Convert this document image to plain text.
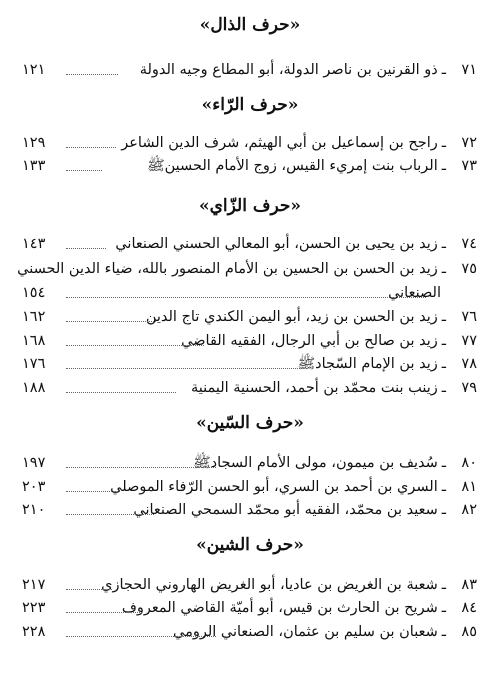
«حرف الذال»
٧١ـذو القرنين بن ناصر الدولة، أبو المطاع وجيه الدولة
١٢١
«حرف الرّاء»
٧٢ـراجح بن إسماعيل بن أبي الهيثم، شرف الدين الشاعر
١٢٩
٧٣ـالرباب بنت إمريء القيس، زوج الأمام الحسينﷺ
١٣٣
«حرف الزّاي»
٧٤ـزيد بن يحيى بن الحسن، أبو المعالي الحسني الصنعاني
١٤٣
٧٥ـزيد بن الحسن بن الحسين بن الأمام المنصور بالله، ضياء الدين الحسني
الصنعاني
١٥٤
٧٦ـزيد بن الحسن بن زيد، أبو اليمن الكندي تاج الدين
١٦٢
٧٧ـزيد بن صالح بن أبي الرجال، الفقيه القاضي
١٦٨
٧٨ـزيد بن الإمام السّجادﷺ
١٧٦
٧٩ـزينب بنت محمّد بن أحمد، الحسنية اليمنية
١٨٨
«حرف السّين»
٨٠ـسُديف بن ميمون، مولى الأمام السجادﷺ
١٩٧
٨١ـالسري بن أحمد بن السري، أبو الحسن الرّفاء الموصلي
٢٠٣
٨٢ـسعيد بن محمّد، الفقيه أبو محمّد السمحي الصنعاني
٢١٠
«حرف الشين»
٨٣ـشعبة بن الغريض بن عاديا، أبو الغريض الهاروني الحجازي
٢١٧
٨٤ـشريح بن الحارث بن قيس، أبو أميّة القاضي المعروف
٢٢٣
٨٥ـشعبان بن سليم بن عثمان، الصنعاني الرومي
٢٢٨
